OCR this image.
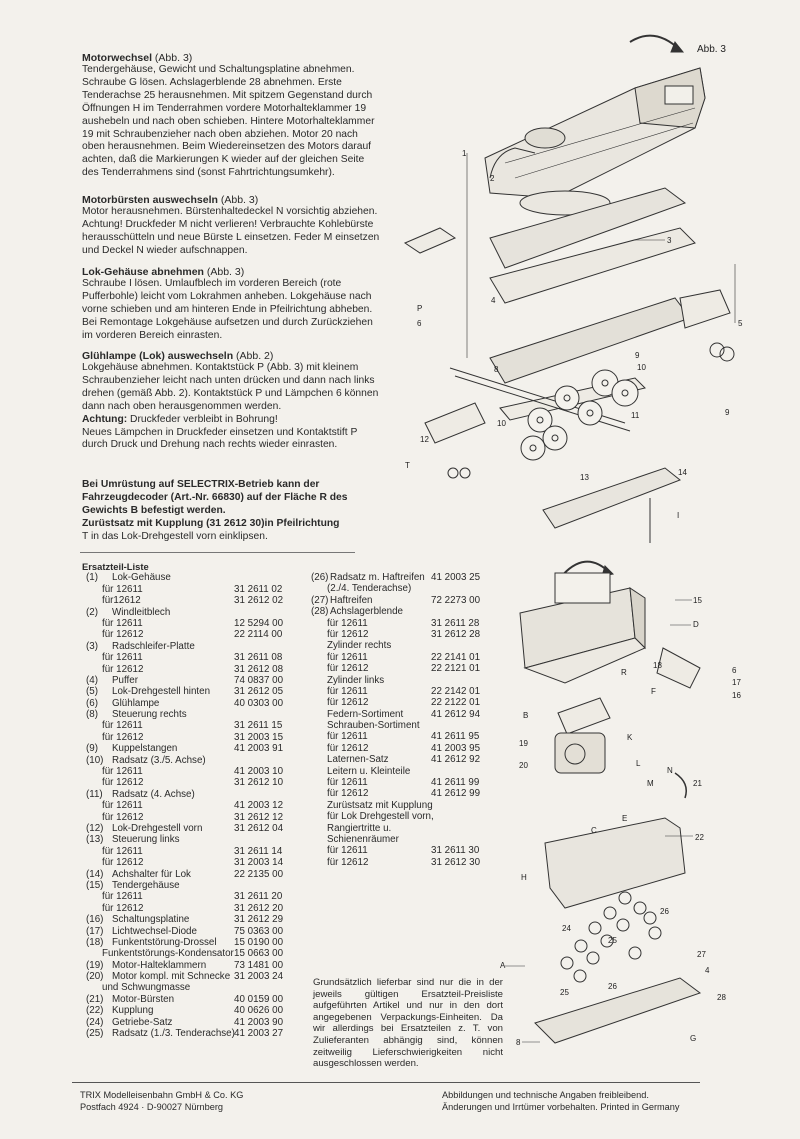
Motorwechsel (Abb. 3)
Tendergehäuse, Gewicht und Schaltungsplatine abnehmen. Schraube G lösen. Achslagerblende 28 abnehmen. Erste Tenderachse 25 herausnehmen. Mit spitzem Gegenstand durch Öffnungen H im Tenderrahmen vordere Motorhalteklammer 19 aushebeln und nach oben schieben. Hintere Motorhalteklammer 19 mit Schraubenzieher nach oben abziehen. Motor 20 nach oben herausnehmen. Beim Wiedereinsetzen des Motors darauf achten, daß die Markierungen K wieder auf der gleichen Seite des Tenderrahmens sind (sonst Fahrtrichtungsumkehr).
Motorbürsten auswechseln (Abb. 3)
Motor herausnehmen. Bürstenhaltedeckel N vorsichtig abziehen. Achtung! Druckfeder M nicht verlieren! Verbrauchte Kohlebürste herausschütteln und neue Bürste L einsetzen. Feder M einsetzen und Deckel N wieder aufschnappen.
Lok-Gehäuse abnehmen (Abb. 3)
Schraube I lösen. Umlaufblech im vorderen Bereich (rote Pufferbohle) leicht vom Lokrahmen anheben. Lokgehäuse nach vorne schieben und am hinteren Ende in Pfeilrichtung abheben. Bei Remontage Lokgehäuse aufsetzen und durch Zurückziehen im vorderen Bereich einrasten.
Glühlampe (Lok) auswechseln (Abb. 2)
Lokgehäuse abnehmen. Kontaktstück P (Abb. 3) mit kleinem Schraubenzieher leicht nach unten drücken und dann nach links drehen (gemäß Abb. 2). Kontaktstück P und Lämpchen 6 können dann nach oben herausgenommen werden.
Achtung: Druckfeder verbleibt in Bohrung!
Neues Lämpchen in Druckfeder einsetzen und Kontaktstift P durch Druck und Drehung nach rechts wieder einrasten.
Bei Umrüstung auf SELECTRIX-Betrieb kann der Fahrzeugdecoder (Art.-Nr. 66830) auf der Fläche R des Gewichts B befestigt werden.
Zurüstsatz mit Kupplung (31 2612 30)in Pfeilrichtung
T in das Lok-Drehgestell vorn einklipsen.
Ersatzteil-Liste
(1) Lok-Gehäuse
für 12611	31 2611 02
für12612	31 2612 02
(2) Windleitblech
für 12611	12 5294 00
für 12612	22 2114 00
(3) Radschleifer-Platte
für 12611	31 2611 08
für 12612	31 2612 08
(4) Puffer	74 0837 00
(5) Lok-Drehgestell hinten 31 2612 05
(6) Glühlampe	40 0303 00
(8) Steuerung rechts
für 12611	31 2611 15
für 12612	31 2003 15
(9) Kuppelstangen	41 2003 91
(10) Radsatz (3./5. Achse)
für 12611	41 2003 10
für 12612	31 2612 10
(11) Radsatz (4. Achse)
für 12611	41 2003 12
für 12612	31 2612 12
(12) Lok-Drehgestell vorn	31 2612 04
(13) Steuerung links
für 12611	31 2611 14
für 12612	31 2003 14
(14) Achshalter für Lok	22 2135 00
(15) Tendergehäuse
für 12611	31 2611 20
für 12612	31 2612 20
(16) Schaltungsplatine	31 2612 29
(17) Lichtwechsel-Diode	75 0363 00
(18) Funkentstörung-Drossel 15 0190 00
Funkentstörungs-Kondensator 15 0663 00
(19) Motor-Halteklammern	73 1481 00
(20) Motor kompl. mit Schnecke 31 2003 24
und Schwungmasse
(21) Motor-Bürsten	40 0159 00
(22) Kupplung	40 0626 00
(24) Getriebe-Satz	41 2003 90
(25) Radsatz (1./3. Tenderachse) 41 2003 27
(26) Radsatz m. Haftreifen 41 2003 25
(2./4. Tenderachse)
(27) Haftreifen	72 2273 00
(28) Achslagerblende
für 12611	31 2611 28
für 12612	31 2612 28
Zylinder rechts
für 12611	22 2141 01
für 12612	22 2121 01
Zylinder links
für 12611	22 2142 01
für 12612	22 2122 01
Federn-Sortiment	41 2612 94
Schrauben-Sortiment
für 12611	41 2611 95
für 12612	41 2003 95
Laternen-Satz	41 2612 92
Leitern u. Kleinteile
für 12611	41 2611 99
für 12612	41 2612 99
Zurüstsatz mit Kupplung
für Lok Drehgestell vorn,
Rangiertritte u.
Schienenräumer
für 12611	31 2611 30
für 12612	31 2612 30
Grundsätzlich lieferbar sind nur die in der jeweils gültigen Ersatzteil-Preisliste aufgeführten Artikel und nur in den dort angegebenen Verpackungs-Einheiten. Da wir allerdings bei Ersatzteilen z. T. von Zulieferanten abhängig sind, können zeitweilig Lieferschwierigkeiten nicht ausgeschlossen werden.
TRIX Modelleisenbahn GmbH & Co. KG
Postfach 4924 · D-90027 Nürnberg
Abbildungen und technische Angaben freibleibend.
Änderungen und Irrtümer vorbehalten. Printed in Germany
Abb. 3
1
2
3
4
5
P
6
8
9
10
11	9
12
T
10
13
14
I
15
D
18
R	6
17
16
F
B
19
K
20	L
N
M	21
C
E
22
H
24
25
26
27
4
A
25
26
28
8	G
